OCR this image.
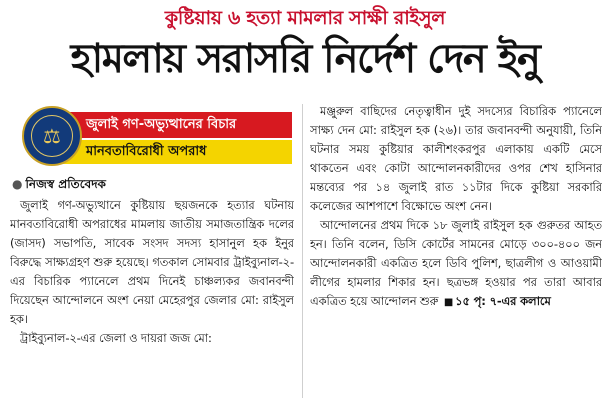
কুষ্টিয়ায় ৬ হত্যা মামলার সাক্ষী রাইসুল
হামলায় সরাসরি নির্দেশ দেন ইনু
⚖	জুলাই গণ-অভ্যুত্থানের বিচার
মানবতাবিরোধী অপরাধ
● নিজস্ব প্রতিবেদক

জুলাই গণ-অভ্যুত্থানে কুষ্টিয়ায় ছয়জনকে হত্যার ঘটনায় মানবতাবিরোধী অপরাধের মামলায় জাতীয় সমাজতান্ত্রিক দলের (জাসদ) সভাপতি, সাবেক সংসদ সদস্য হাসানুল হক ইনুর বিরুদ্ধে সাক্ষ্যগ্রহণ শুরু হয়েছে। গতকাল সোমবার ট্রাইব্যুনাল-২-এর বিচারিক প্যানেলে প্রথম দিনেই চাঞ্চল্যকর জবানবন্দী দিয়েছেন আন্দোলনে অংশ নেয়া মেহেরপুর জেলার মো: রাইসুল হক।

ট্রাইব্যুনাল-২-এর জেলা ও দায়রা জজ মো:

মঞ্জুরুল বাছিদের নেতৃত্বাধীন দুই সদস্যের বিচারিক প্যানেলে সাক্ষ্য দেন মো: রাইসুল হক (২৬)। তার জবানবন্দী অনুযায়ী, তিনি ঘটনার সময় কুষ্টিয়ার কালীশংকরপুর এলাকায় একটি মেসে থাকতেন এবং কোটা আন্দোলনকারীদের ওপর শেখ হাসিনার মন্তব্যের পর ১৪ জুলাই রাত ১১টার দিকে কুষ্টিয়া সরকারি কলেজের আশপাশে বিক্ষোভে অংশ নেন।

আন্দোলনের প্রথম দিকে ১৮ জুলাই রাইসুল হক গুরুতর আহত হন। তিনি বলেন, ডিসি কোর্টের সামনের মোড়ে ৩০০-৪০০ জন আন্দোলনকারী একত্রিত হলে ডিবি পুলিশ, ছাত্রলীগ ও আওয়ামী লীগের হামলার শিকার হন। ছত্রভঙ্গ হওয়ার পর তারা আবার একত্রিত হয়ে আন্দোলন শুরু ■ ১৫ পৃ: ৭-এর কলামে
